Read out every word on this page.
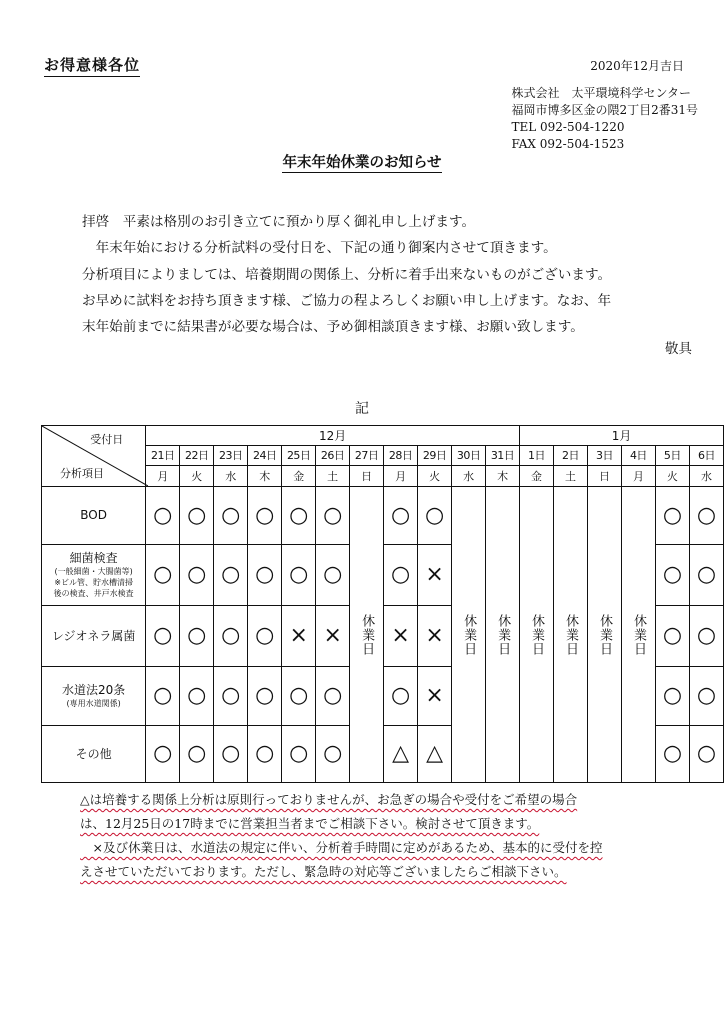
お得意様各位	2020年12月吉日
株式会社　太平環境科学センター
福岡市博多区金の隈2丁目2番31号
TEL 092-504-1220
FAX 092-504-1523
年末年始休業のお知らせ
拝啓　平素は格別のお引き立てに預かり厚く御礼申し上げます。
　年末年始における分析試料の受付日を、下記の通り御案内させて頂きます。
分析項目によりましては、培養期間の関係上、分析に着手出来ないものがございます。
お早めに試料をお持ち頂きます様、ご協力の程よろしくお願い申し上げます。なお、年
末年始前までに結果書が必要な場合は、予め御相談頂きます様、お願い致します。
敬具
記
受付日
分析項目	12月											1月					
	21日	22日	23日	24日	25日	26日	27日	28日	29日	30日	31日	1日	2日	3日	4日	5日	6日
	月	火	水	木	金	土	日	月	火	水	木	金	土	日	月	火	水

BOD	○	○	○	○	○	○	休業日	○	○	休業日	休業日	休業日	休業日	休業日	休業日	○	○

細菌検査
(一般細菌・大腸菌等)
※ビル管、貯水槽清掃
後の検査、井戸水検査	○	○	○	○	○	○		○	×							○	○

レジオネラ属菌	○	○	○	○	×	×		×	×							○	○

水道法20条
(専用水道関係)	○	○	○	○	○	○		○	×							○	○

その他	○	○	○	○	○	○		△	△							○	○
△は培養する関係上分析は原則行っておりませんが、お急ぎの場合や受付をご希望の場合
は、12月25日の17時までに営業担当者までご相談下さい。検討させて頂きます。
　×及び休業日は、水道法の規定に伴い、分析着手時間に定めがあるため、基本的に受付を控
えさせていただいております。ただし、緊急時の対応等ございましたらご相談下さい。
